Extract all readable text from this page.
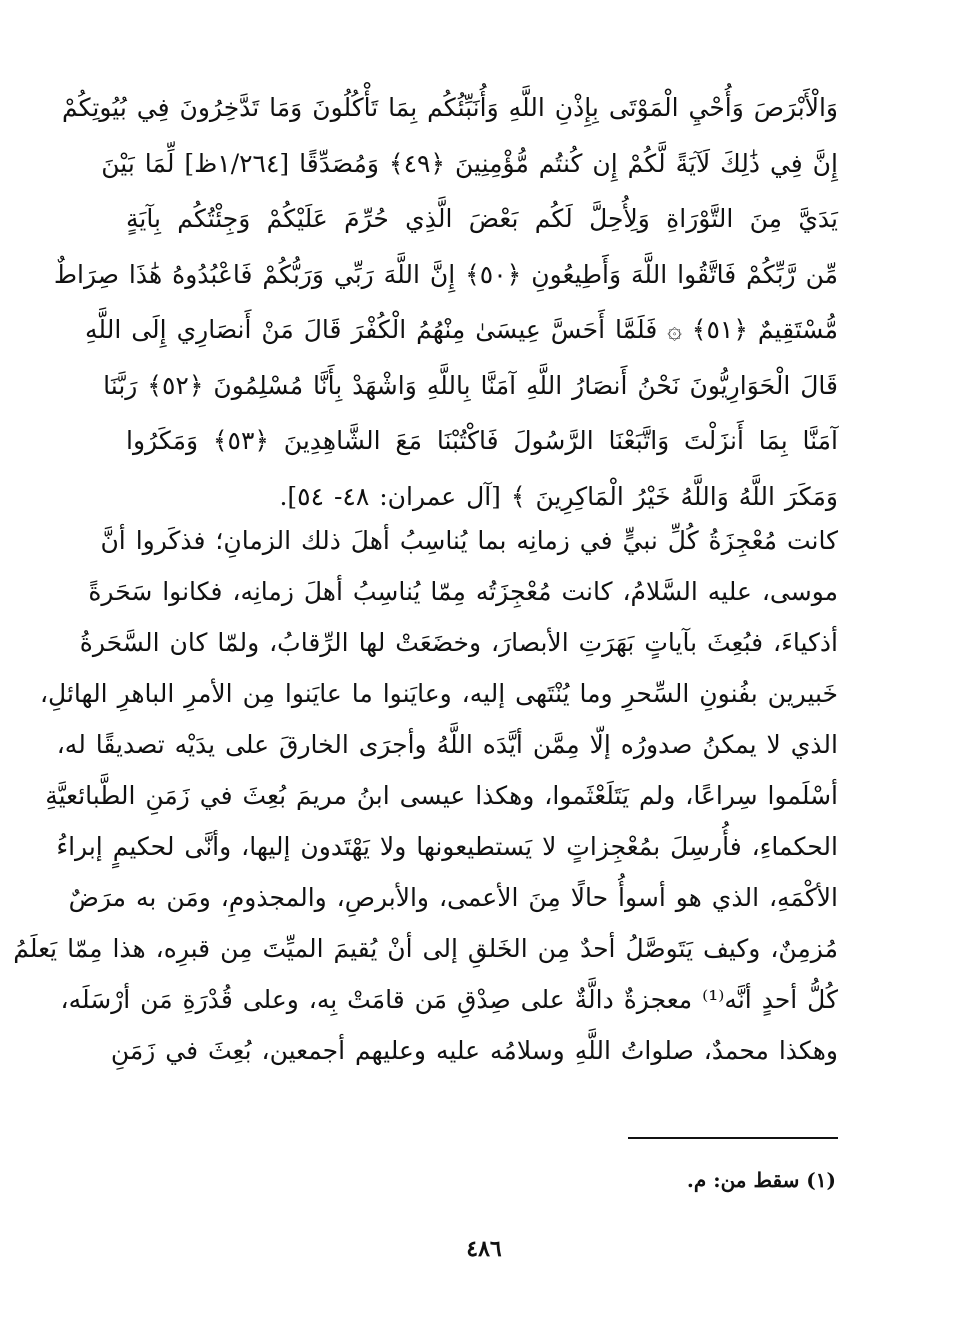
وَالْأَبْرَصَ وَأُحْيِ الْمَوْتَى بِإِذْنِ اللَّهِ وَأُنَبِّئُكُم بِمَا تَأْكُلُونَ وَمَا تَدَّخِرُونَ فِي بُيُوتِكُمْ
إِنَّ فِي ذَٰلِكَ لَآيَةً لَّكُمْ إِن كُنتُم مُّؤْمِنِينَ ﴿٤٩﴾ وَمُصَدِّقًا [١/٢٦٤ظ] لِّمَا بَيْنَ
يَدَيَّ مِنَ التَّوْرَاةِ وَلِأُحِلَّ لَكُم بَعْضَ الَّذِي حُرِّمَ عَلَيْكُمْ وَجِئْتُكُم بِآيَةٍ
مِّن رَّبِّكُمْ فَاتَّقُوا اللَّهَ وَأَطِيعُونِ ﴿٥٠﴾ إِنَّ اللَّهَ رَبِّي وَرَبُّكُمْ فَاعْبُدُوهُ هَٰذَا صِرَاطٌ
مُّسْتَقِيمٌ ﴿٥١﴾ ۞ فَلَمَّا أَحَسَّ عِيسَىٰ مِنْهُمُ الْكُفْرَ قَالَ مَنْ أَنصَارِي إِلَى اللَّهِ
قَالَ الْحَوَارِيُّونَ نَحْنُ أَنصَارُ اللَّهِ آمَنَّا بِاللَّهِ وَاشْهَدْ بِأَنَّا مُسْلِمُونَ ﴿٥٢﴾ رَبَّنَا
آمَنَّا بِمَا أَنزَلْتَ وَاتَّبَعْنَا الرَّسُولَ فَاكْتُبْنَا مَعَ الشَّاهِدِينَ ﴿٥٣﴾ وَمَكَرُوا
وَمَكَرَ اللَّهُ وَاللَّهُ خَيْرُ الْمَاكِرِينَ ﴾ [آل عمران: ٤٨- ٥٤].
كانت مُعْجِزَةُ كُلِّ نبيٍّ في زمانِه بما يُناسِبُ أهلَ ذلك الزمانِ؛ فذكَروا أنَّ
موسى، عليه السَّلامُ، كانت مُعْجِزَتُه مِمّا يُناسِبُ أهلَ زمانِه، فكانوا سَحَرةً
أذكياءَ، فبُعِثَ بآياتٍ بَهَرَتِ الأبصارَ، وخضَعَتْ لها الرِّقابُ، ولمّا كان السَّحَرةُ
خَبيرين بفُنونِ السِّحرِ وما يُنْتَهى إليه، وعايَنوا ما عايَنوا مِن الأمرِ الباهرِ الهائلِ،
الذي لا يمكنُ صدورُه إلّا مِمَّن أيَّدَه اللَّهُ وأجرَى الخارقَ على يدَيْه تصديقًا له،
أسْلَموا سِراعًا، ولم يَتَلَعْثَموا، وهكذا عيسى ابنُ مريمَ بُعِثَ في زَمَنِ الطَّبائعيَّةِ
الحكماءِ، فأُرسِلَ بمُعْجِزاتٍ لا يَستطيعونها ولا يَهْتَدون إليها، وأنَّى لحكيمٍ إبراءُ
الأكْمَهِ، الذي هو أسوأُ حالًا مِنَ الأعمى، والأبرصِ، والمجذومِ، ومَن به مرَضٌ
مُزمِنٌ، وكيف يَتَوصَّلُ أحدٌ مِن الخَلقِ إلى أنْ يُقيمَ الميِّتَ مِن قبرِه، هذا مِمّا يَعلَمُ
كُلُّ أحدٍ أنَّه⁽¹⁾ معجزةٌ دالَّةٌ على صِدْقِ مَن قامَتْ بِه، وعلى قُدْرَةِ مَن أرْسَلَه،
وهكذا محمدٌ، صلواتُ اللَّهِ وسلامُه عليه وعليهم أجمعين، بُعِثَ في زَمَنِ
(١) سقط من: م.
٤٨٦
